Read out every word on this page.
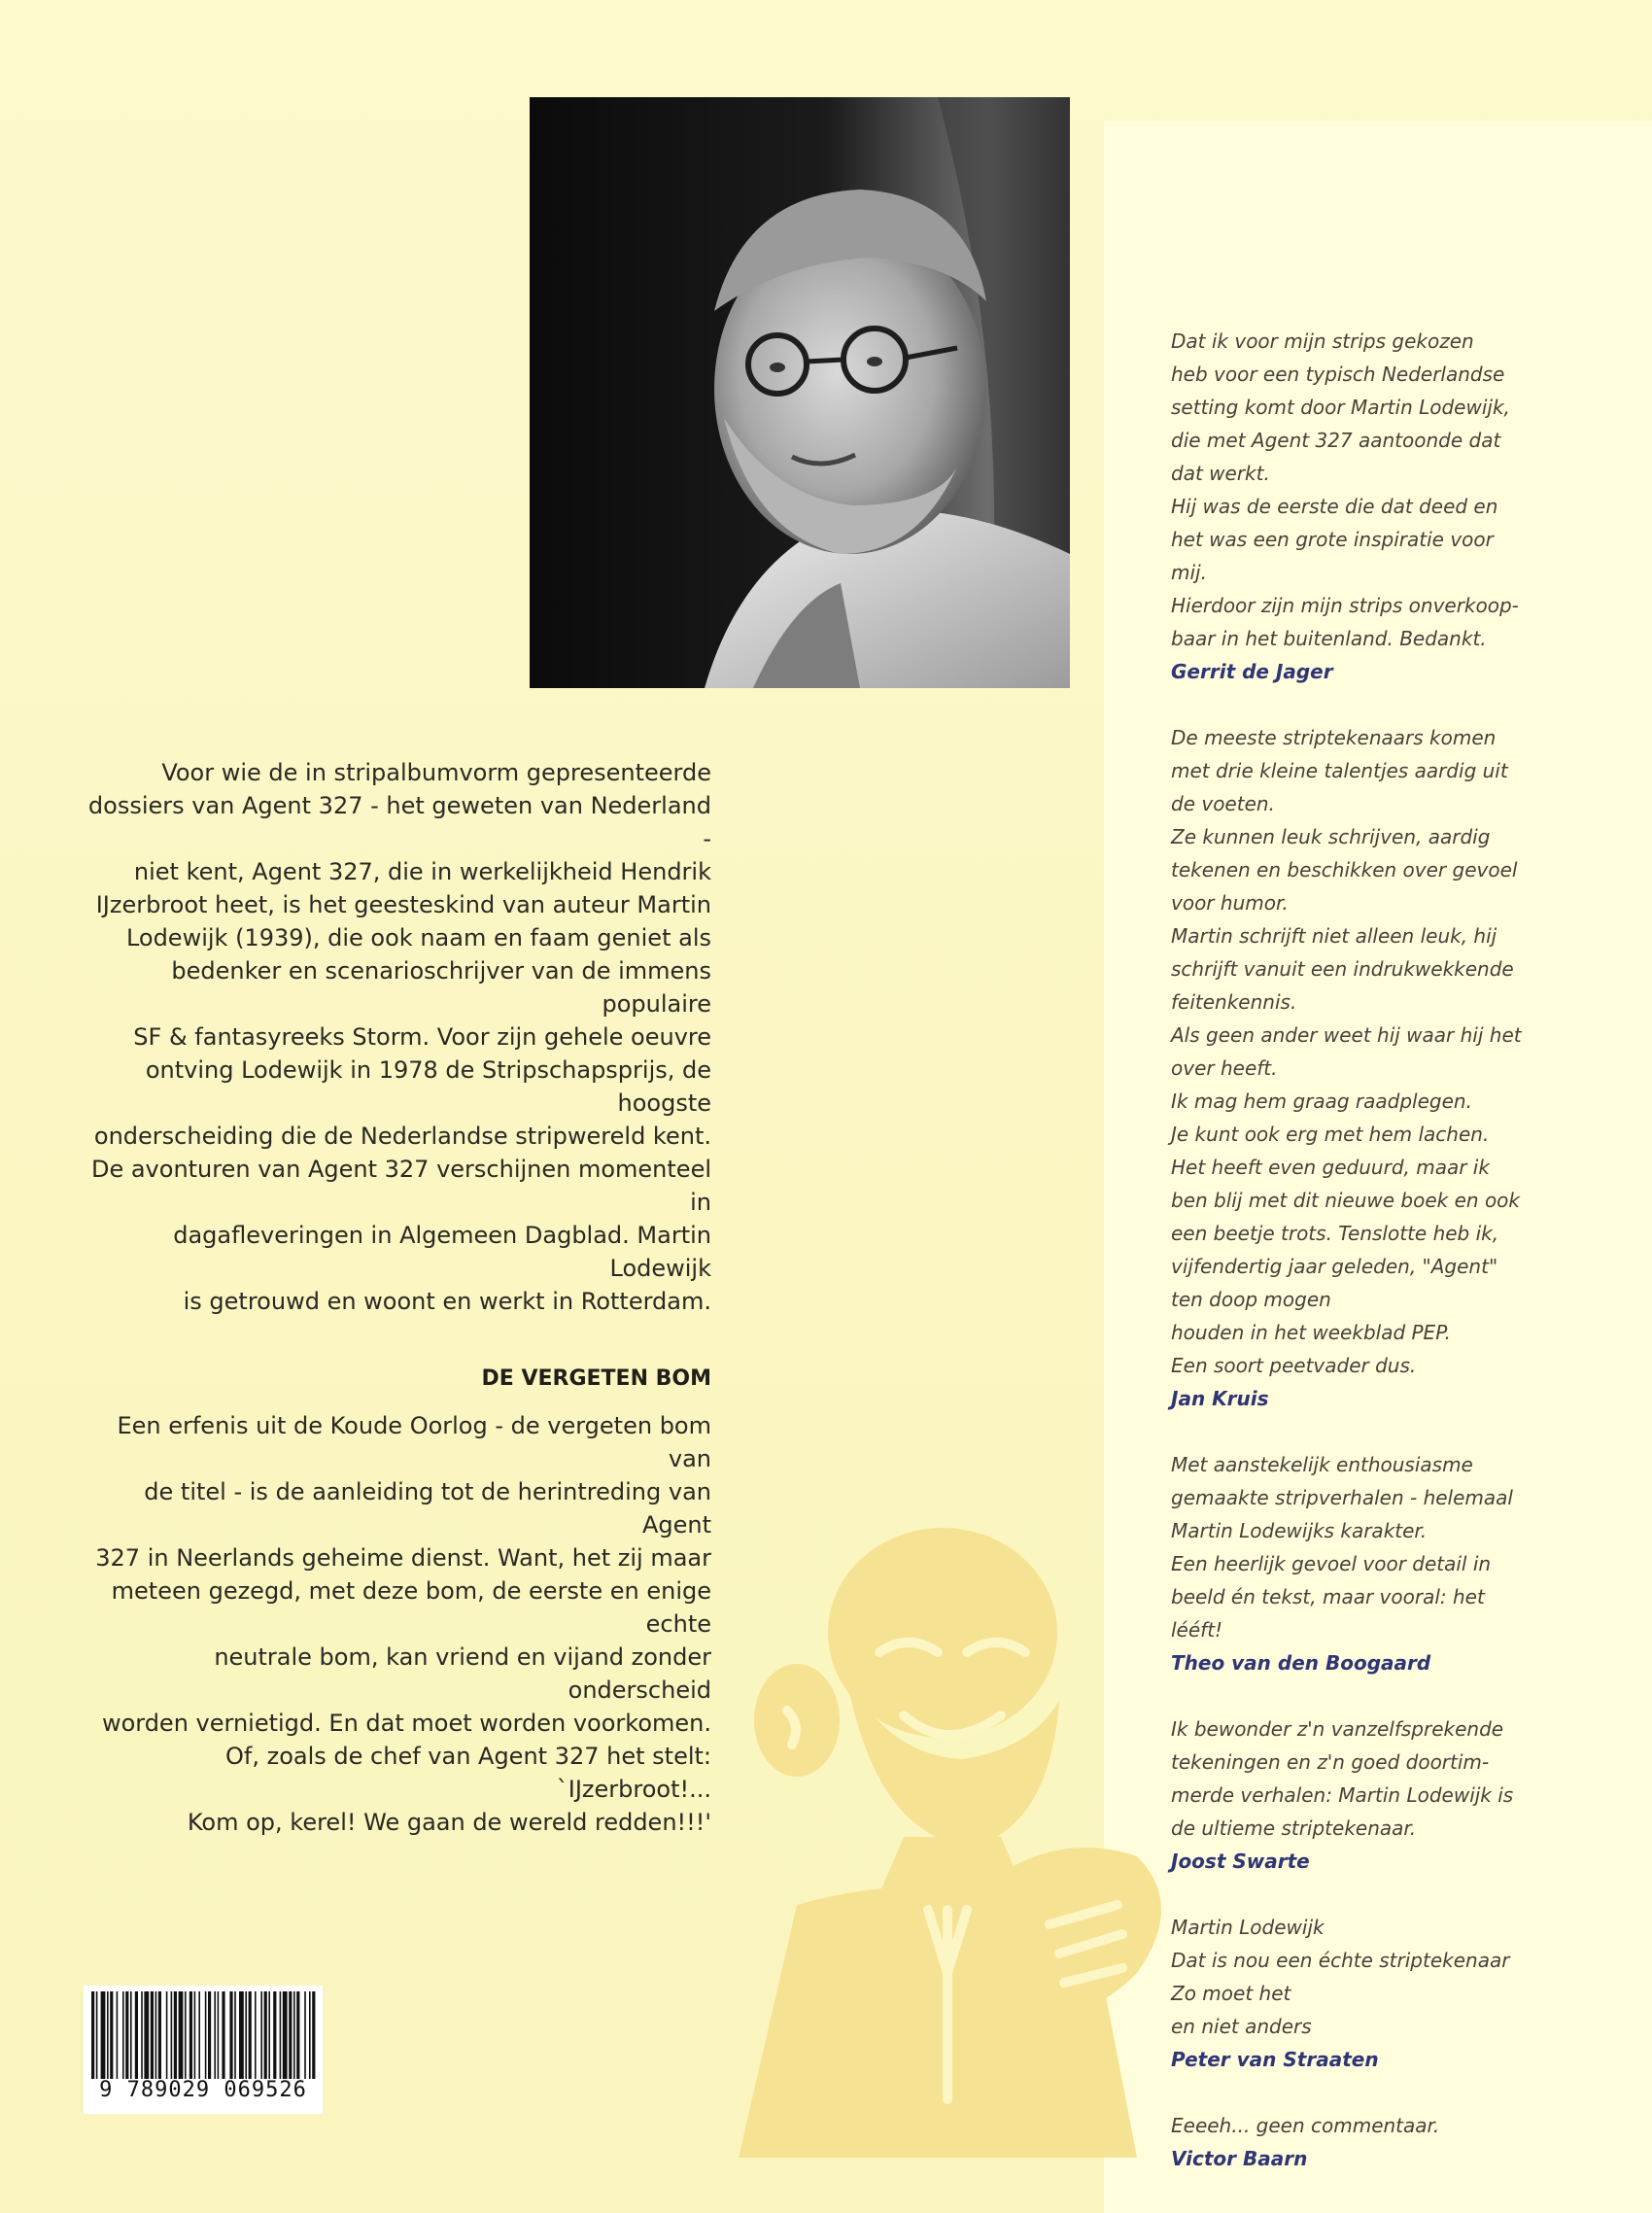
Voor wie de in stripalbumvorm gepresenteerde

dossiers van Agent 327 - het geweten van Nederland -

niet kent, Agent 327, die in werkelijkheid Hendrik

IJzerbroot heet, is het geesteskind van auteur Martin

Lodewijk (1939), die ook naam en faam geniet als

bedenker en scenarioschrijver van de immens populaire

SF & fantasyreeks Storm. Voor zijn gehele oeuvre

ontving Lodewijk in 1978 de Stripschapsprijs, de hoogste

onderscheiding die de Nederlandse stripwereld kent.

De avonturen van Agent 327 verschijnen momenteel in

dagafleveringen in Algemeen Dagblad. Martin Lodewijk

is getrouwd en woont en werkt in Rotterdam.

DE VERGETEN BOM

Een erfenis uit de Koude Oorlog - de vergeten bom van

de titel - is de aanleiding tot de herintreding van Agent

327 in Neerlands geheime dienst. Want, het zij maar

meteen gezegd, met deze bom, de eerste en enige echte

neutrale bom, kan vriend en vijand zonder onderscheid

worden vernietigd. En dat moet worden voorkomen.

Of, zoals de chef van Agent 327 het stelt: `IJzerbroot!...

Kom op, kerel! We gaan de wereld redden!!!'

Dat ik voor mijn strips gekozen
heb voor een typisch Nederlandse
setting komt door Martin Lodewijk,
die met Agent 327 aantoonde dat
dat werkt.
Hij was de eerste die dat deed en
het was een grote inspiratie voor
mij.
Hierdoor zijn mijn strips onverkoop-
baar in het buitenland. Bedankt.
Gerrit de Jager
De meeste striptekenaars komen
met drie kleine talentjes aardig uit
de voeten.
Ze kunnen leuk schrijven, aardig
tekenen en beschikken over gevoel
voor humor.
Martin schrijft niet alleen leuk, hij
schrijft vanuit een indrukwekkende
feitenkennis.
Als geen ander weet hij waar hij het
over heeft.
Ik mag hem graag raadplegen.
Je kunt ook erg met hem lachen.
Het heeft even geduurd, maar ik
ben blij met dit nieuwe boek en ook
een beetje trots. Tenslotte heb ik,
vijfendertig jaar geleden, "Agent"
ten doop mogen
houden in het weekblad PEP.
Een soort peetvader dus.
Jan Kruis
Met aanstekelijk enthousiasme
gemaakte stripverhalen - helemaal
Martin Lodewijks karakter.
Een heerlijk gevoel voor detail in
beeld én tekst, maar vooral: het
lééft!
Theo van den Boogaard
Ik bewonder z'n vanzelfsprekende
tekeningen en z'n goed doortim-
merde verhalen: Martin Lodewijk is
de ultieme striptekenaar.
Joost Swarte
Martin Lodewijk
Dat is nou een échte striptekenaar
Zo moet het
en niet anders
Peter van Straaten
Eeeeh... geen commentaar.
Victor Baarn
9 789029 069526
